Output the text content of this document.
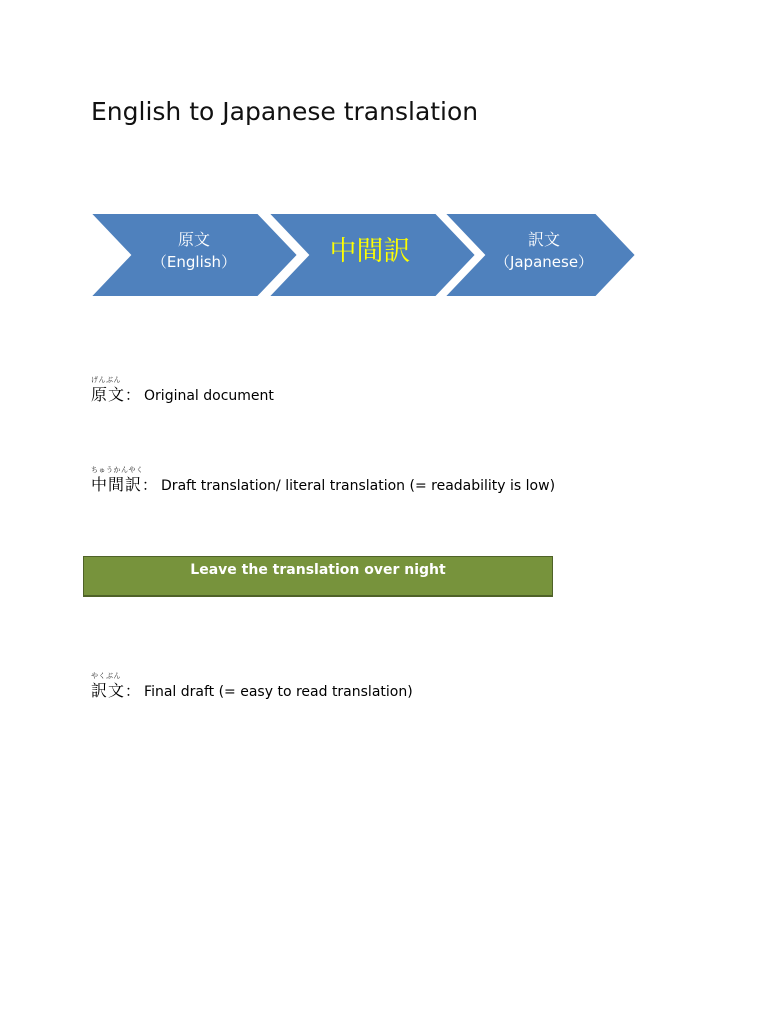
English to Japanese translation
原文
（English）	中間訳	訳文
（Japanese）
げんぶん
原文： Original document
ちゅうかんやく
中間訳： Draft translation/ literal translation (= readability is low)
Leave the translation over night
やくぶん
訳文： Final draft (= easy to read translation)
